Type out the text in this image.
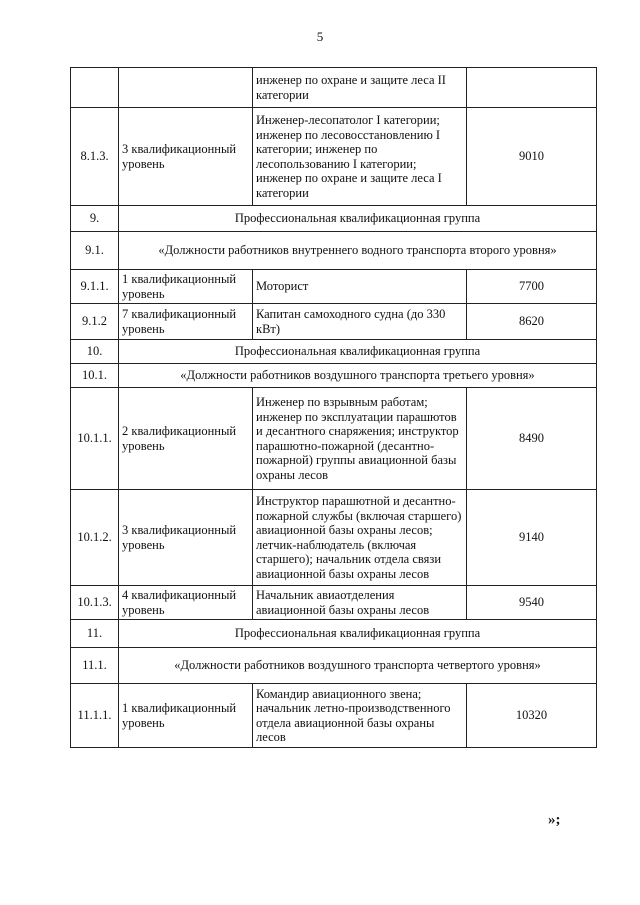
5
		инженер по охране и защите леса II категории	
8.1.3.	3 квалификационный уровень	Инженер-лесопатолог I категории; инженер по лесовосстановлению I категории; инженер по лесопользованию I категории; инженер по охране и защите леса I категории	9010
9.	Профессиональная квалификационная группа		
9.1.	«Должности работников внутреннего водного транспорта второго уровня»		
9.1.1.	1 квалификационный уровень	Моторист	7700
9.1.2	7 квалификационный уровень	Капитан самоходного судна (до 330 кВт)	8620
10.	Профессиональная квалификационная группа		
10.1.	«Должности работников воздушного транспорта третьего уровня»		
10.1.1.	2 квалификационный уровень	Инженер по взрывным работам; инженер по эксплуатации парашютов и десантного снаряжения; инструктор парашютно-пожарной (десантно-пожарной) группы авиационной базы охраны лесов	8490
10.1.2.	3 квалификационный уровень	Инструктор парашютной и десантно-пожарной службы (включая старшего) авиационной базы охраны лесов; летчик-наблюдатель (включая старшего); начальник отдела связи авиационной базы охраны лесов	9140
10.1.3.	4 квалификационный уровень	Начальник авиаотделения авиационной базы охраны лесов	9540
11.	Профессиональная квалификационная группа		
11.1.	«Должности работников воздушного транспорта четвертого уровня»		
11.1.1.	1 квалификационный уровень	Командир авиационного звена; начальник летно-производственного отдела авиационной базы охраны лесов	10320
»;
